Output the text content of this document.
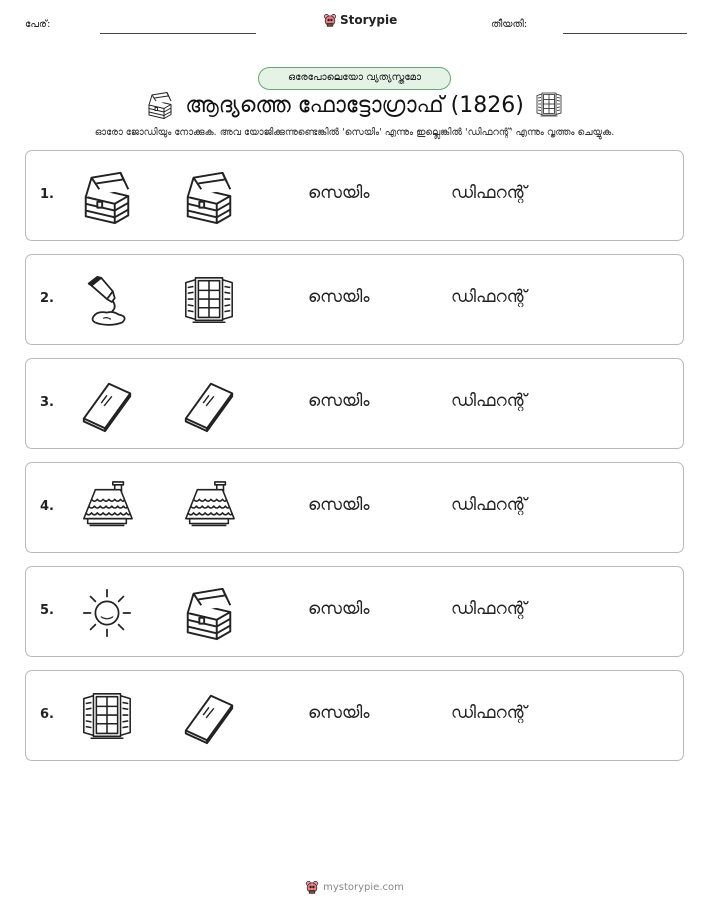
പേര്:	Storypie	തീയതി:
ഒരേപോലെയോ വ്യത്യസ്തമോ
ആദ്യത്തെ ഫോട്ടോഗ്രാഫ് (1826)
ഓരോ ജോഡിയും നോക്കുക. അവ യോജിക്കുന്നുണ്ടെങ്കിൽ 'സെയിം' എന്നും ഇല്ലെങ്കിൽ 'ഡിഫറന്റ്' എന്നും വൃത്തം ചെയ്യുക.
1.	സെയിം	ഡിഫറന്റ്
2.	സെയിം	ഡിഫറന്റ്
3.	സെയിം	ഡിഫറന്റ്
4.	സെയിം	ഡിഫറന്റ്
5.	സെയിം	ഡിഫറന്റ്
6.	സെയിം	ഡിഫറന്റ്
mystorypie.com
